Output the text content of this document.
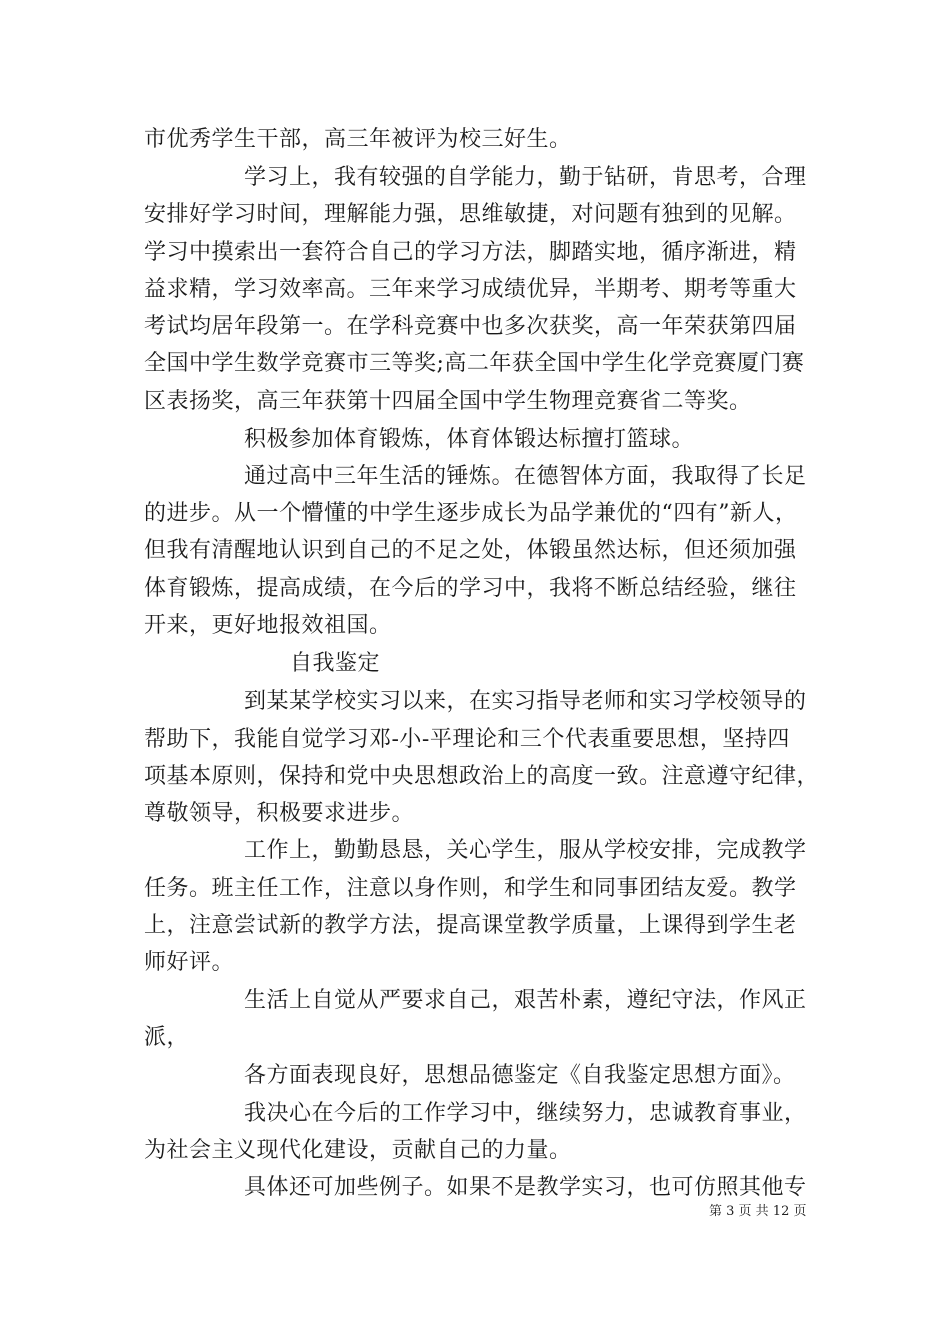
市优秀学生干部，高三年被评为校三好生。
学习上，我有较强的自学能力，勤于钻研，肯思考，合理
安排好学习时间，理解能力强，思维敏捷，对问题有独到的见解。
学习中摸索出一套符合自己的学习方法，脚踏实地，循序渐进，精
益求精，学习效率高。三年来学习成绩优异，半期考、期考等重大
考试均居年段第一。在学科竞赛中也多次获奖，高一年荣获第四届
全国中学生数学竞赛市三等奖;高二年获全国中学生化学竞赛厦门赛
区表扬奖，高三年获第十四届全国中学生物理竞赛省二等奖。
积极参加体育锻炼，体育体锻达标擅打篮球。
通过高中三年生活的锤炼。在德智体方面，我取得了长足
的进步。从一个懵懂的中学生逐步成长为品学兼优的“四有”新人，
但我有清醒地认识到自己的不足之处，体锻虽然达标，但还须加强
体育锻炼，提高成绩，在今后的学习中，我将不断总结经验，继往
开来，更好地报效祖国。
自我鉴定
到某某学校实习以来，在实习指导老师和实习学校领导的
帮助下，我能自觉学习邓-小-平理论和三个代表重要思想，坚持四
项基本原则，保持和党中央思想政治上的高度一致。注意遵守纪律，
尊敬领导，积极要求进步。
工作上，勤勤恳恳，关心学生，服从学校安排，完成教学
任务。班主任工作，注意以身作则，和学生和同事团结友爱。教学
上，注意尝试新的教学方法，提高课堂教学质量，上课得到学生老
师好评。
生活上自觉从严要求自己，艰苦朴素，遵纪守法，作风正
派，
各方面表现良好，思想品德鉴定《自我鉴定思想方面》。
我决心在今后的工作学习中，继续努力，忠诚教育事业，
为社会主义现代化建设，贡献自己的力量。
具体还可加些例子。如果不是教学实习，也可仿照其他专
第 3 页 共 12 页
